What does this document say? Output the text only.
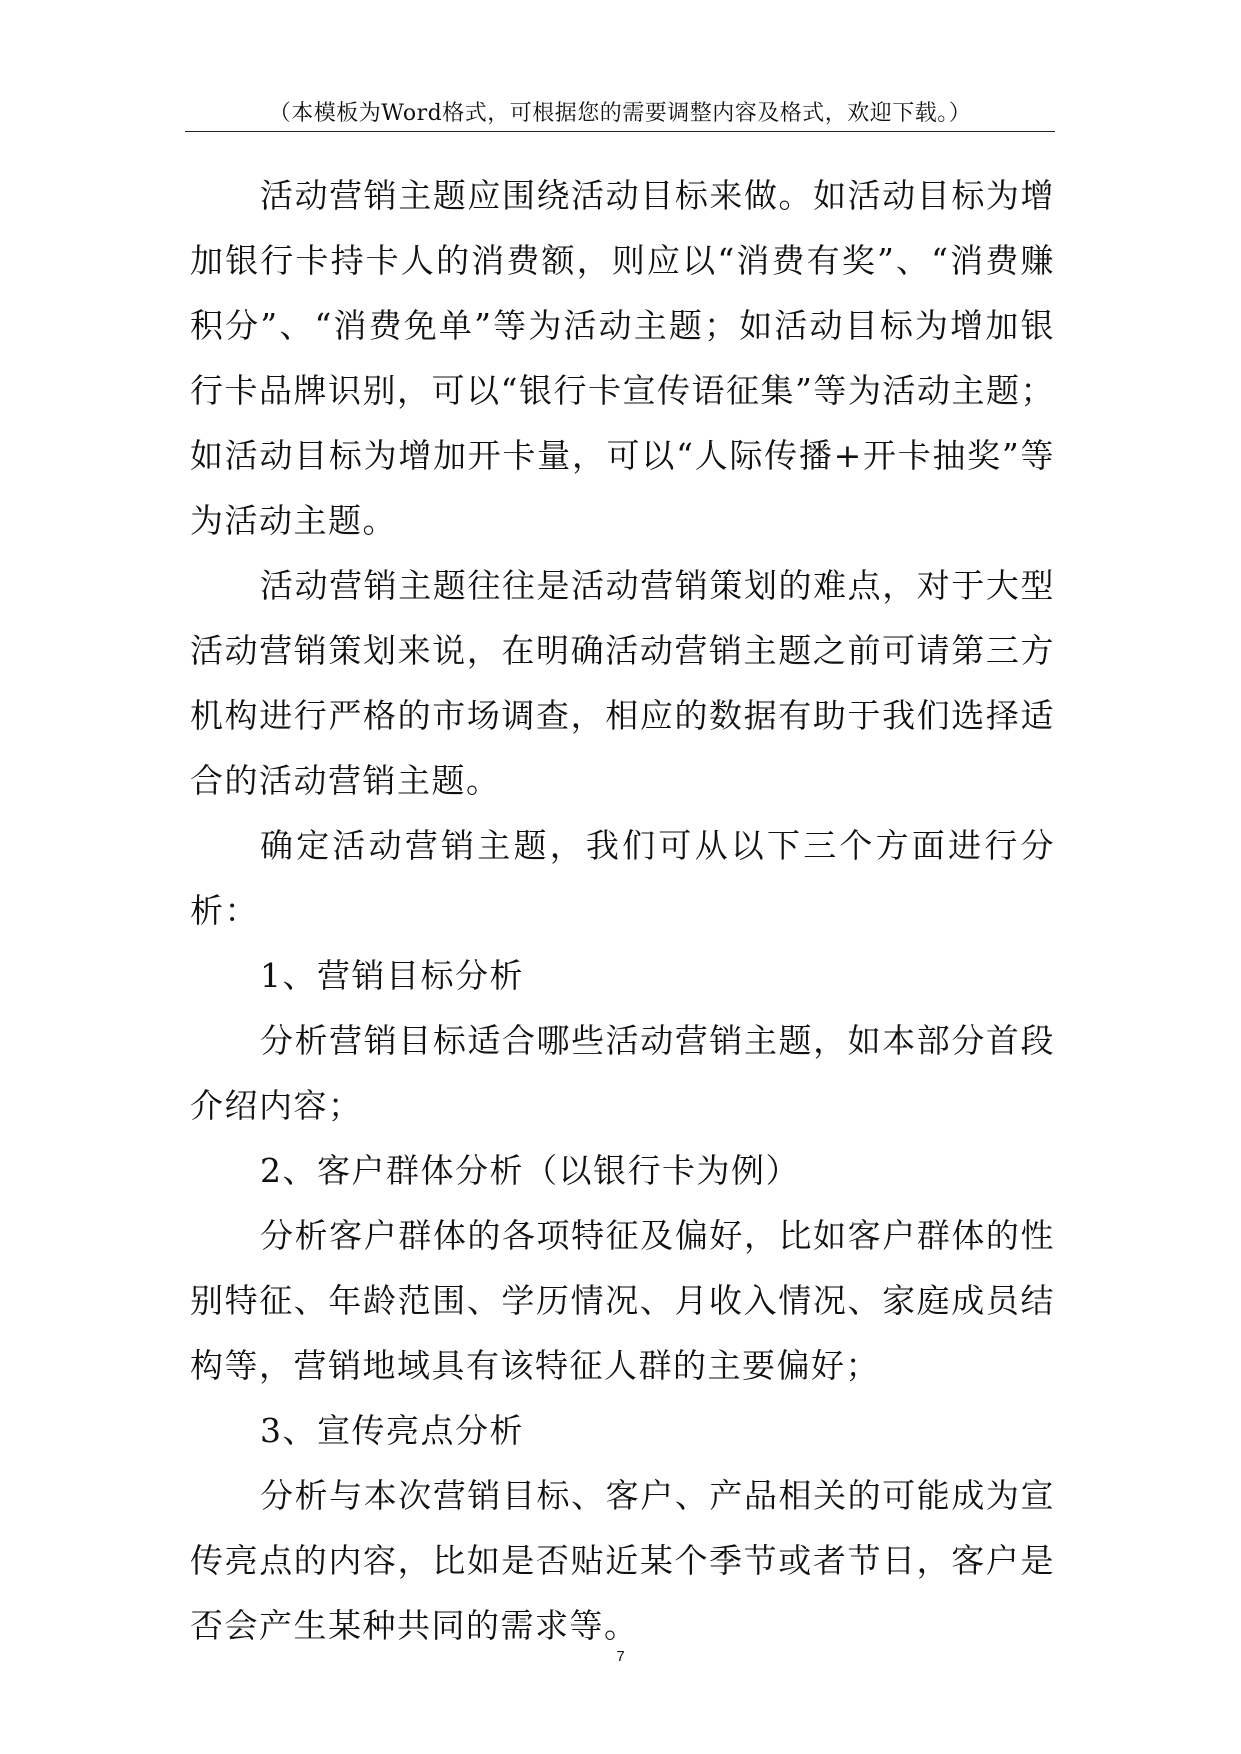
（本模板为Word格式，可根据您的需要调整内容及格式，欢迎下载。）

活动营销主题应围绕活动目标来做。如活动目标为增加银行卡持卡人的消费额，则应以“消费有奖”、“消费赚积分”、“消费免单”等为活动主题；如活动目标为增加银行卡品牌识别，可以“银行卡宣传语征集”等为活动主题；如活动目标为增加开卡量，可以“人际传播+开卡抽奖”等为活动主题。

活动营销主题往往是活动营销策划的难点，对于大型活动营销策划来说，在明确活动营销主题之前可请第三方机构进行严格的市场调查，相应的数据有助于我们选择适合的活动营销主题。

确定活动营销主题，我们可从以下三个方面进行分析：

1、营销目标分析

分析营销目标适合哪些活动营销主题，如本部分首段介绍内容；

2、客户群体分析（以银行卡为例）

分析客户群体的各项特征及偏好，比如客户群体的性别特征、年龄范围、学历情况、月收入情况、家庭成员结构等，营销地域具有该特征人群的主要偏好；

3、宣传亮点分析

分析与本次营销目标、客户、产品相关的可能成为宣传亮点的内容，比如是否贴近某个季节或者节日，客户是否会产生某种共同的需求等。

7
